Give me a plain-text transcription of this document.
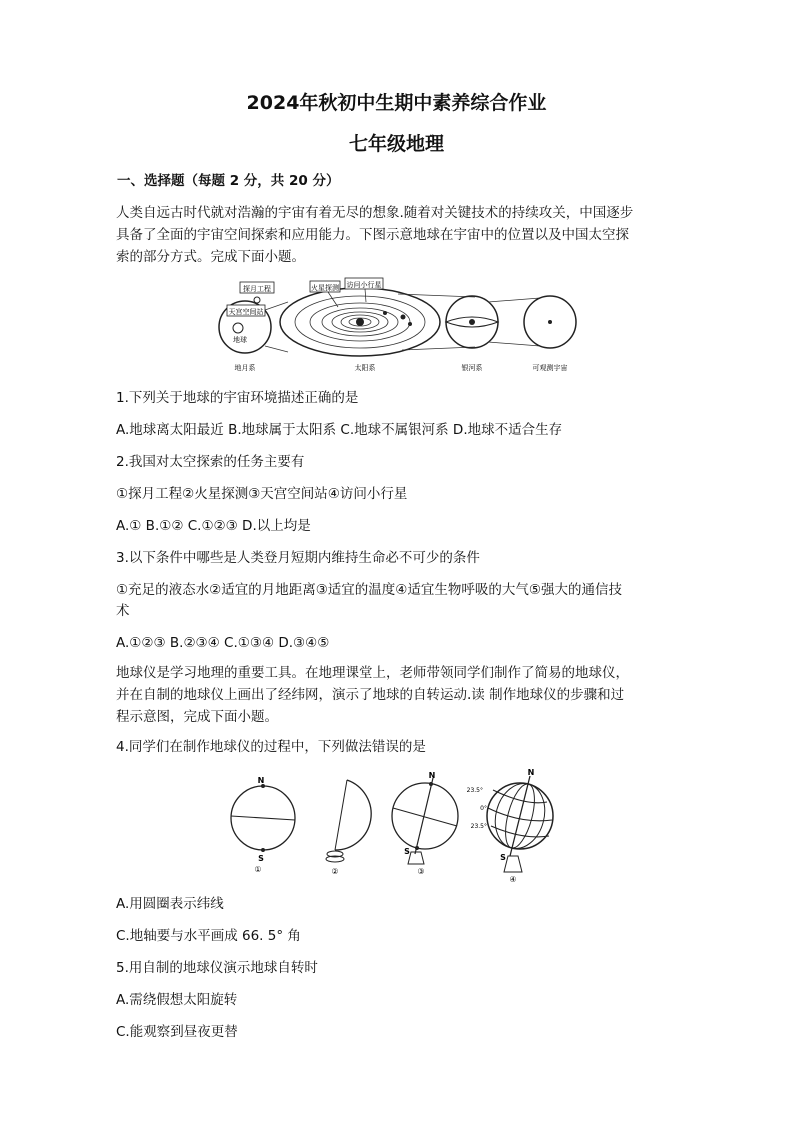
2024年秋初中生期中素养综合作业
七年级地理
一、选择题（每题 2 分，共 20 分）
人类自远古时代就对浩瀚的宇宙有着无尽的想象.随着对关键技术的持续攻关，中国逐步
具备了全面的宇宙空间探索和应用能力。下图示意地球在宇宙中的位置以及中国太空探
索的部分方式。完成下面小题。
探月工程
天宫空间站
地球
地月系
火星探测 访问小行星
太阳系	银河系	可观测宇宙
1.下列关于地球的宇宙环境描述正确的是
A.地球离太阳最近 B.地球属于太阳系 C.地球不属银河系 D.地球不适合生存
2.我国对太空探索的任务主要有
①探月工程②火星探测③天宫空间站④访问小行星
A.① B.①② C.①②③ D.以上均是
3.以下条件中哪些是人类登月短期内维持生命必不可少的条件
①充足的液态水②适宜的月地距离③适宜的温度④适宜生物呼吸的大气⑤强大的通信技
术
A.①②③ B.②③④ C.①③④ D.③④⑤
地球仪是学习地理的重要工具。在地理课堂上，老师带领同学们制作了简易的地球仪，
并在自制的地球仪上画出了经纬网，演示了地球的自转运动.读 制作地球仪的步骤和过
程示意图，完成下面小题。
4.同学们在制作地球仪的过程中，下列做法错误的是
N
S
①	②
N
S
③
23.5°
0°
23.5°
N
S
④
A.用圆圈表示纬线
C.地轴要与水平画成 66. 5° 角
5.用自制的地球仪演示地球自转时
A.需绕假想太阳旋转
C.能观察到昼夜更替
